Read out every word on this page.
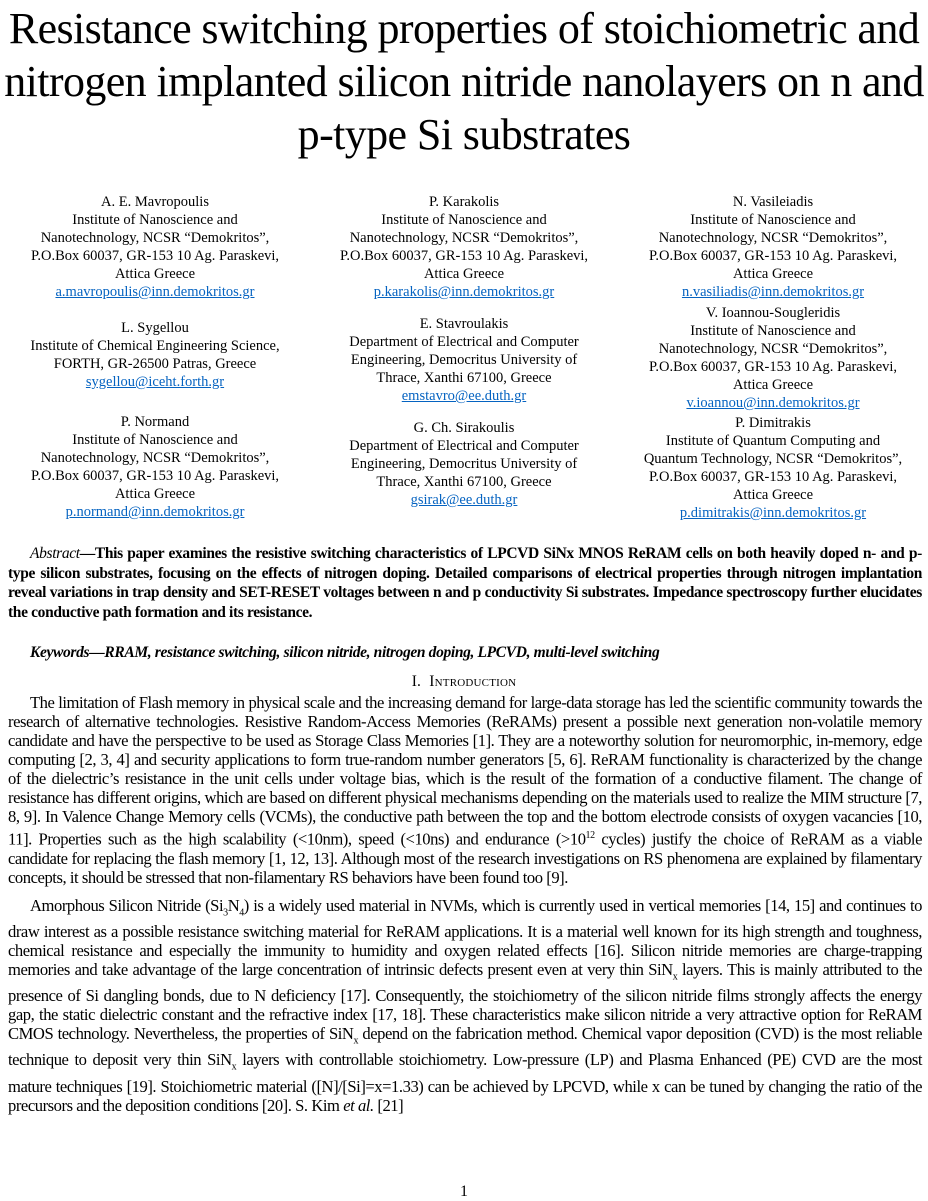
Resistance switching properties of stoichiometric and nitrogen implanted silicon nitride nanolayers on n and p-type Si substrates
A. E. Mavropoulis
Institute of Nanoscience and
Nanotechnology, NCSR “Demokritos”,
P.O.Box 60037, GR-153 10 Ag. Paraskevi,
Attica Greece
a.mavropoulis@inn.demokritos.gr
L. Sygellou
Institute of Chemical Engineering Science,
FORTH, GR-26500 Patras, Greece
sygellou@iceht.forth.gr
P. Normand
Institute of Nanoscience and
Nanotechnology, NCSR “Demokritos”,
P.O.Box 60037, GR-153 10 Ag. Paraskevi,
Attica Greece
p.normand@inn.demokritos.gr
P. Karakolis
Institute of Nanoscience and
Nanotechnology, NCSR “Demokritos”,
P.O.Box 60037, GR-153 10 Ag. Paraskevi,
Attica Greece
p.karakolis@inn.demokritos.gr
E. Stavroulakis
Department of Electrical and Computer
Engineering, Democritus University of
Thrace, Xanthi 67100, Greece
emstavro@ee.duth.gr
G. Ch. Sirakoulis
Department of Electrical and Computer
Engineering, Democritus University of
Thrace, Xanthi 67100, Greece
gsirak@ee.duth.gr
N. Vasileiadis
Institute of Nanoscience and
Nanotechnology, NCSR “Demokritos”,
P.O.Box 60037, GR-153 10 Ag. Paraskevi,
Attica Greece
n.vasiliadis@inn.demokritos.gr
V. Ioannou-Sougleridis
Institute of Nanoscience and
Nanotechnology, NCSR “Demokritos”,
P.O.Box 60037, GR-153 10 Ag. Paraskevi,
Attica Greece
v.ioannou@inn.demokritos.gr
P. Dimitrakis
Institute of Quantum Computing and
Quantum Technology, NCSR “Demokritos”,
P.O.Box 60037, GR-153 10 Ag. Paraskevi,
Attica Greece
p.dimitrakis@inn.demokritos.gr

Abstract—This paper examines the resistive switching characteristics of LPCVD SiNx MNOS ReRAM cells on both heavily doped n- and p-type silicon substrates, focusing on the effects of nitrogen doping. Detailed comparisons of electrical properties through nitrogen implantation reveal variations in trap density and SET-RESET voltages between n and p conductivity Si substrates. Impedance spectroscopy further elucidates the conductive path formation and its resistance.

Keywords—RRAM, resistance switching, silicon nitride, nitrogen doping, LPCVD, multi-level switching

I. Introduction

The limitation of Flash memory in physical scale and the increasing demand for large-data storage has led the scientific community towards the research of alternative technologies. Resistive Random-Access Memories (ReRAMs) present a possible next generation non-volatile memory candidate and have the perspective to be used as Storage Class Memories [1]. They are a noteworthy solution for neuromorphic, in-memory, edge computing [2, 3, 4] and security applications to form true-random number generators [5, 6]. ReRAM functionality is characterized by the change of the dielectric’s resistance in the unit cells under voltage bias, which is the result of the formation of a conductive filament. The change of resistance has different origins, which are based on different physical mechanisms depending on the materials used to realize the MIM structure [7, 8, 9]. In Valence Change Memory cells (VCMs), the conductive path between the top and the bottom electrode consists of oxygen vacancies [10, 11]. Properties such as the high scalability (<10nm), speed (<10ns) and endurance ($>10^{12}$ cycles) justify the choice of ReRAM as a viable candidate for replacing the flash memory [1, 12, 13]. Although most of the research investigations on RS phenomena are explained by filamentary concepts, it should be stressed that non-filamentary RS behaviors have been found too [9].

Amorphous Silicon Nitride $(Si_3N_4)$ is a widely used material in NVMs, which is currently used in vertical memories [14, 15] and continues to draw interest as a possible resistance switching material for ReRAM applications. It is a material well known for its high strength and toughness, chemical resistance and especially the immunity to humidity and oxygen related effects [16]. Silicon nitride memories are charge-trapping memories and take advantage of the large concentration of intrinsic defects present even at very thin SiN$_x$ layers. This is mainly attributed to the presence of Si dangling bonds, due to N deficiency [17]. Consequently, the stoichiometry of the silicon nitride films strongly affects the energy gap, the static dielectric constant and the refractive index [17, 18]. These characteristics make silicon nitride a very attractive option for ReRAM CMOS technology. Nevertheless, the properties of SiN$_x$ depend on the fabrication method. Chemical vapor deposition (CVD) is the most reliable technique to deposit very thin SiN$_x$ layers with controllable stoichiometry. Low-pressure (LP) and Plasma Enhanced (PE) CVD are the most mature techniques [19]. Stoichiometric material ([N]/[Si]=x=1.33) can be achieved by LPCVD, while x can be tuned by changing the ratio of the precursors and the deposition conditions [20]. S. Kim et al. [21]

1
